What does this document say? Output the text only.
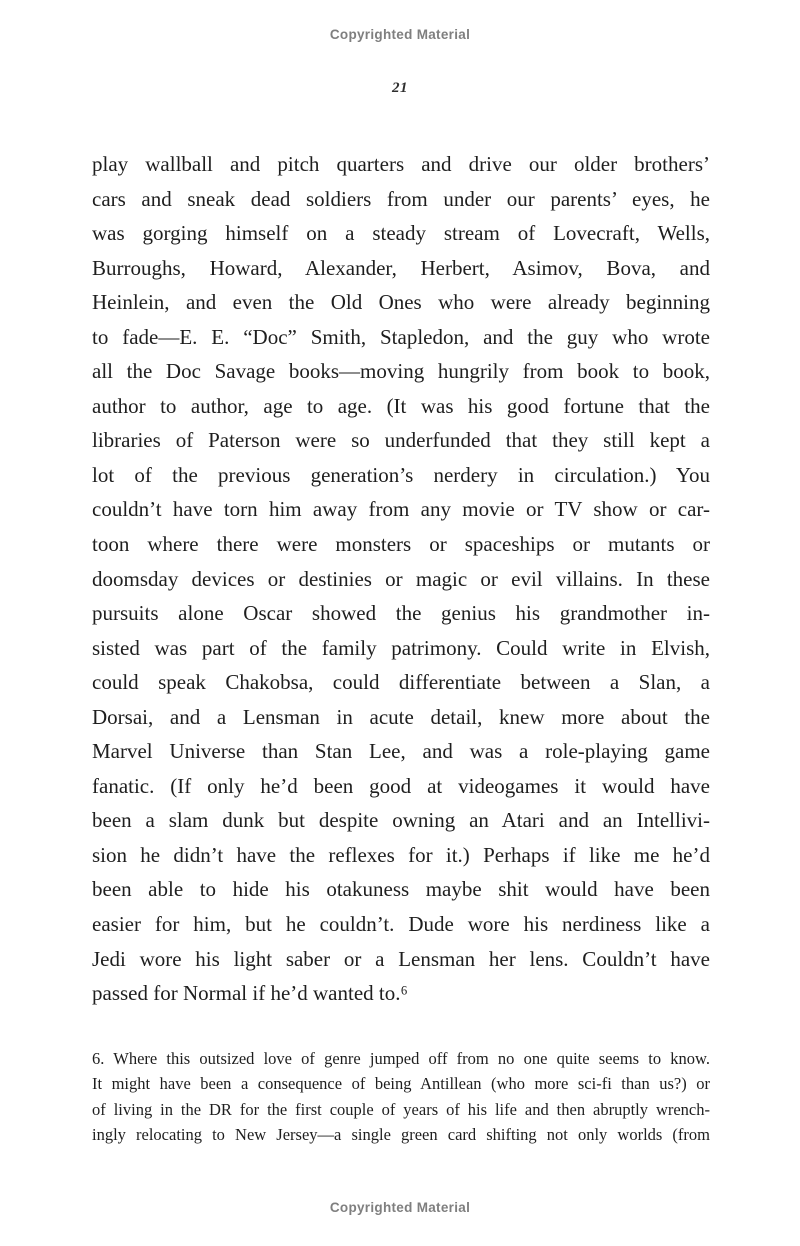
Copyrighted Material
21
play wallball and pitch quarters and drive our older brothers’
cars and sneak dead soldiers from under our parents’ eyes, he
was gorging himself on a steady stream of Lovecraft, Wells,
Burroughs, Howard, Alexander, Herbert, Asimov, Bova, and
Heinlein, and even the Old Ones who were already beginning
to fade—E. E. “Doc” Smith, Stapledon, and the guy who wrote
all the Doc Savage books—moving hungrily from book to book,
author to author, age to age. (It was his good fortune that the
libraries of Paterson were so underfunded that they still kept a
lot of the previous generation’s nerdery in circulation.) You
couldn’t have torn him away from any movie or TV show or car-
toon where there were monsters or spaceships or mutants or
doomsday devices or destinies or magic or evil villains. In these
pursuits alone Oscar showed the genius his grandmother in-
sisted was part of the family patrimony. Could write in Elvish,
could speak Chakobsa, could differentiate between a Slan, a
Dorsai, and a Lensman in acute detail, knew more about the
Marvel Universe than Stan Lee, and was a role-playing game
fanatic. (If only he’d been good at videogames it would have
been a slam dunk but despite owning an Atari and an Intellivi-
sion he didn’t have the reflexes for it.) Perhaps if like me he’d
been able to hide his otakuness maybe shit would have been
easier for him, but he couldn’t. Dude wore his nerdiness like a
Jedi wore his light saber or a Lensman her lens. Couldn’t have
passed for Normal if he’d wanted to.⁶
6. Where this outsized love of genre jumped off from no one quite seems to know.
It might have been a consequence of being Antillean (who more sci-fi than us?) or
of living in the DR for the first couple of years of his life and then abruptly wrench-
ingly relocating to New Jersey—a single green card shifting not only worlds (from
Copyrighted Material
